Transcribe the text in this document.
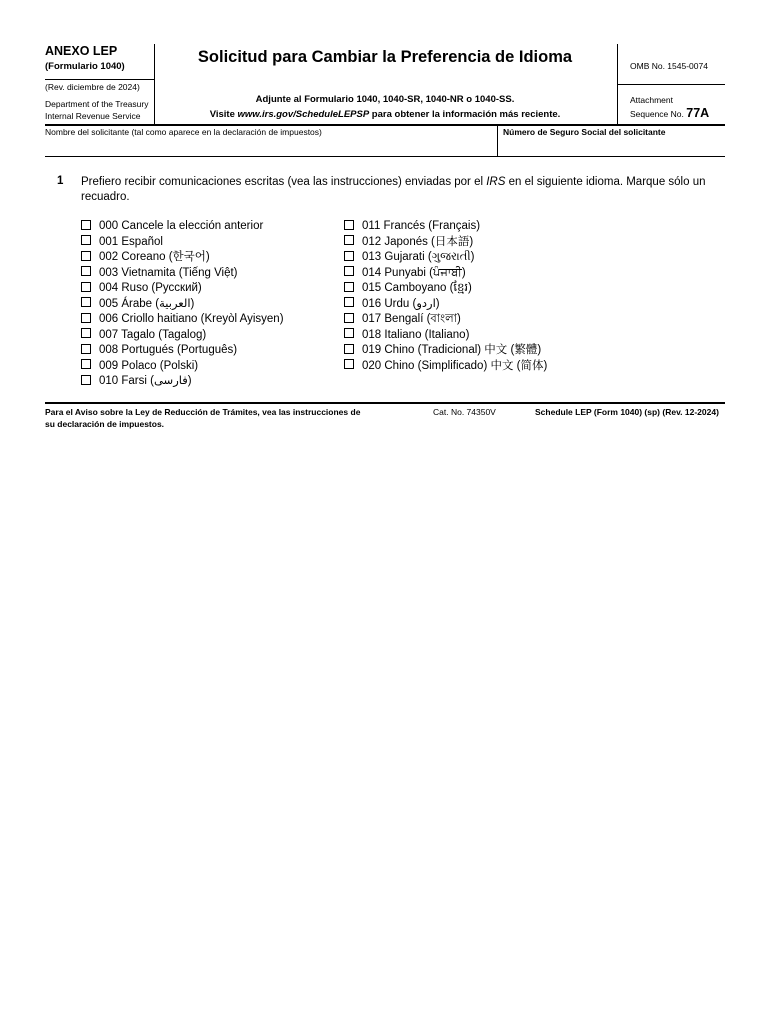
ANEXO LEP
(Formulario 1040)
(Rev. diciembre de 2024)
Department of the Treasury
Internal Revenue Service
Solicitud para Cambiar la Preferencia de Idioma
Adjunte al Formulario 1040, 1040-SR, 1040-NR o 1040-SS.
Visite www.irs.gov/ScheduleLEPSP para obtener la información más reciente.
OMB No. 1545-0074
Attachment
Sequence No. 77A
Nombre del solicitante (tal como aparece en la declaración de impuestos)	Número de Seguro Social del solicitante
1 Prefiero recibir comunicaciones escritas (vea las instrucciones) enviadas por el IRS en el siguiente idioma. Marque sólo un
recuadro.
000 Cancele la elección anterior
001 Español
002 Coreano (한국어)
003 Vietnamita (Tiếng Việt)
004 Ruso (Русский)
005 Árabe (العربية)
006 Criollo haitiano (Kreyòl Ayisyen)
007 Tagalo (Tagalog)
008 Portugués (Português)
009 Polaco (Polski)
010 Farsi (فارسی)
011 Francés (Français)
012 Japonés (日本語)
013 Gujarati (ગુજરાતી)
014 Punyabi (ਪੰਜਾਬੀ)
015 Camboyano (ខ្មែរ)
016 Urdu (اردو)
017 Bengalí (বাংলা)
018 Italiano (Italiano)
019 Chino (Tradicional) 中文 (繁體)
020 Chino (Simplificado) 中文 (简体)
Para el Aviso sobre la Ley de Reducción de Trámites, vea las instrucciones de
su declaración de impuestos.
Cat. No. 74350V	Schedule LEP (Form 1040) (sp) (Rev. 12-2024)
